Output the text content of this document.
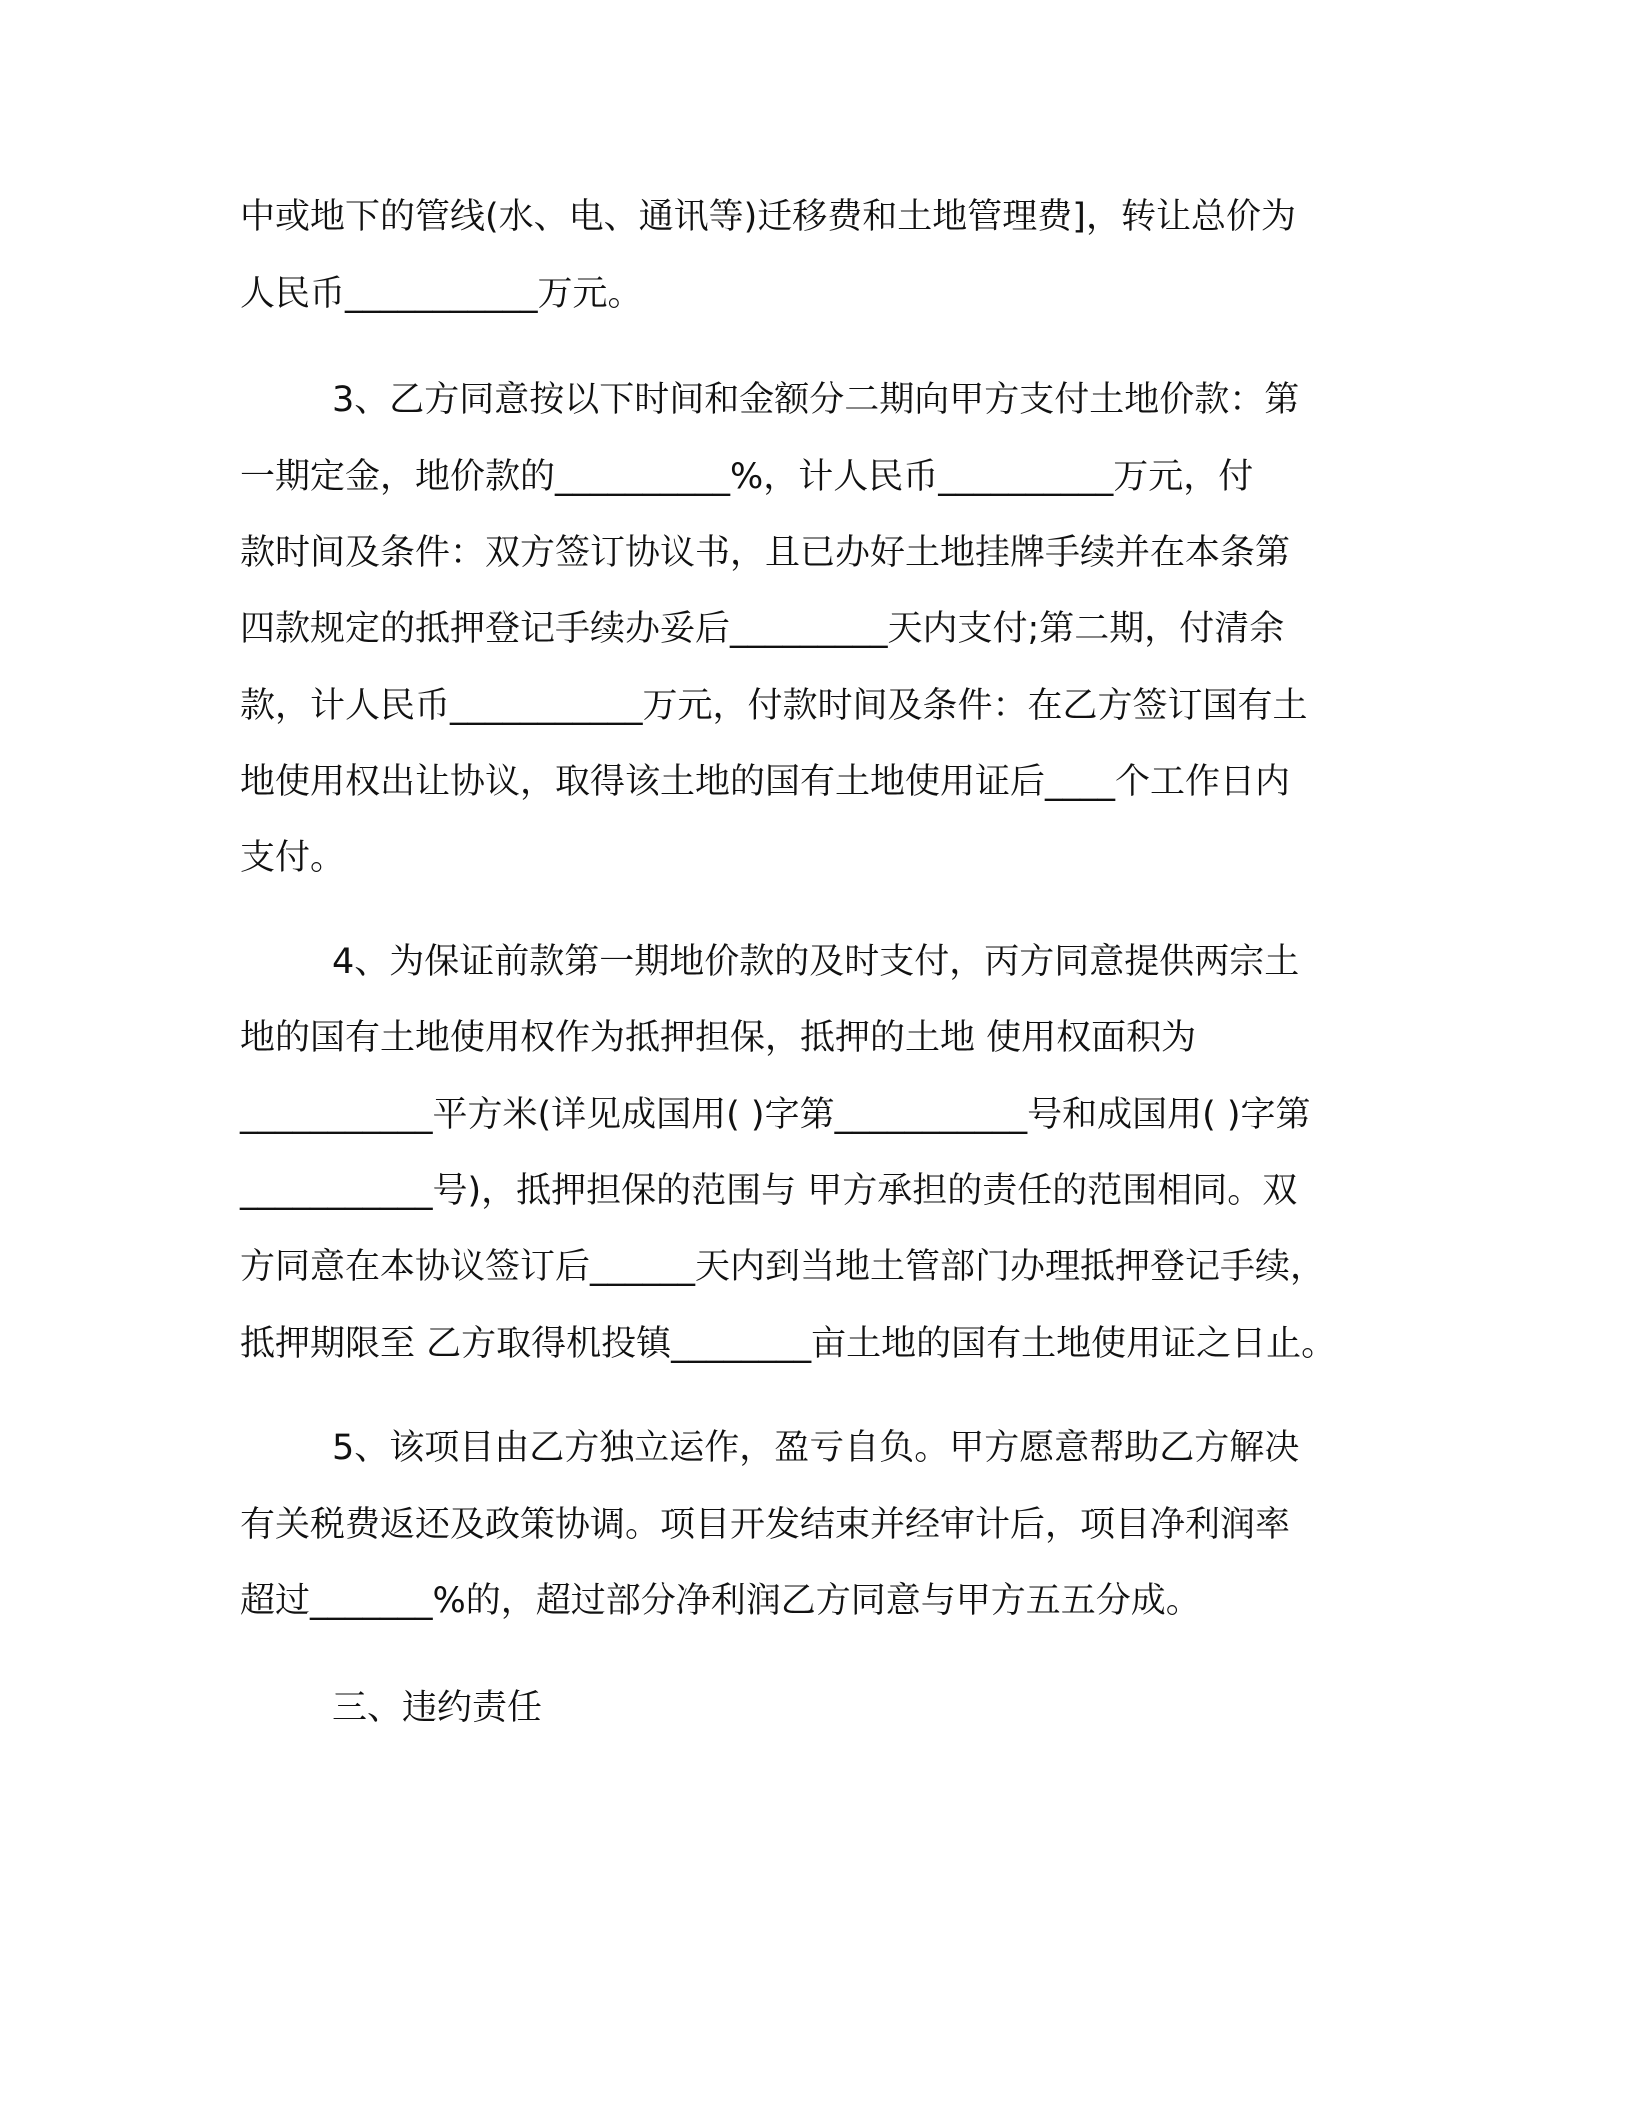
中或地下的管线(水、电、通讯等)迁移费和土地管理费]，转让总价为
人民币___________万元。
3、乙方同意按以下时间和金额分二期向甲方支付土地价款：第
一期定金，地价款的__________%，计人民币__________万元，付
款时间及条件：双方签订协议书，且已办好土地挂牌手续并在本条第
四款规定的抵押登记手续办妥后_________天内支付;第二期，付清余
款，计人民币___________万元，付款时间及条件：在乙方签订国有土
地使用权出让协议，取得该土地的国有土地使用证后____个工作日内
支付。
4、为保证前款第一期地价款的及时支付，丙方同意提供两宗土
地的国有土地使用权作为抵押担保，抵押的土地 使用权面积为
___________平方米(详见成国用( )字第___________号和成国用( )字第
___________号)，抵押担保的范围与 甲方承担的责任的范围相同。双
方同意在本协议签订后______天内到当地土管部门办理抵押登记手续，
抵押期限至 乙方取得机投镇________亩土地的国有土地使用证之日止。
5、该项目由乙方独立运作，盈亏自负。甲方愿意帮助乙方解决
有关税费返还及政策协调。项目开发结束并经审计后，项目净利润率
超过_______%的，超过部分净利润乙方同意与甲方五五分成。
三、违约责任
